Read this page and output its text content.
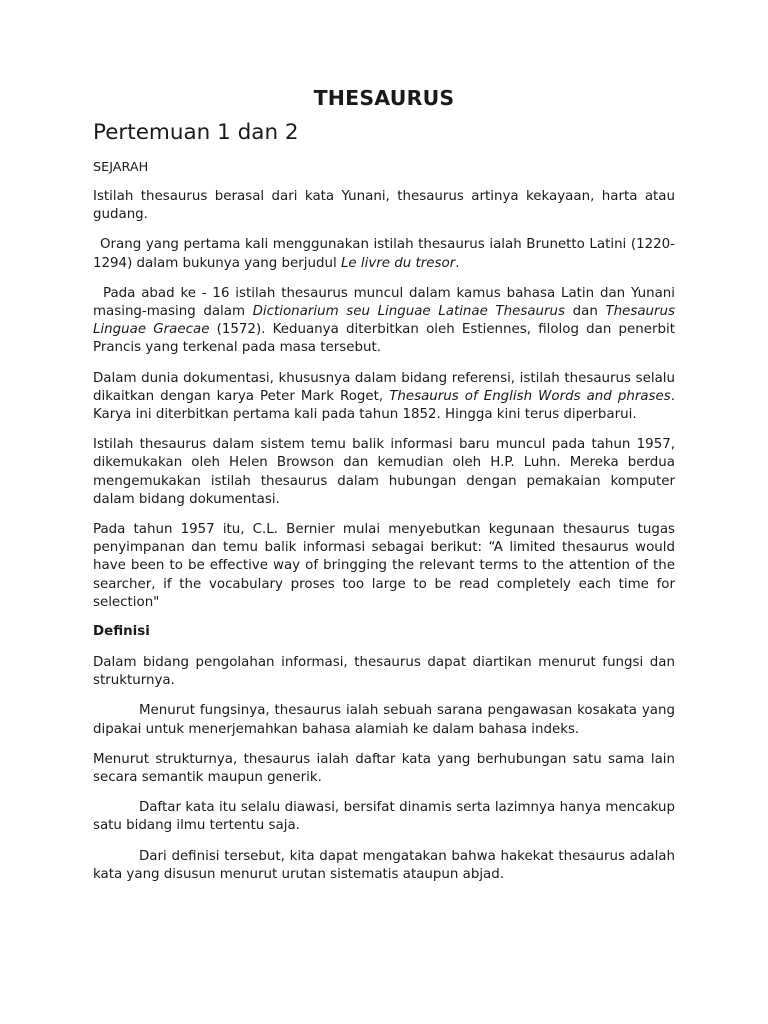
THESAURUS
Pertemuan 1 dan 2
SEJARAH

Istilah thesaurus berasal dari kata Yunani, thesaurus artinya kekayaan, harta atau gudang.

Orang yang pertama kali menggunakan istilah thesaurus ialah Brunetto Latini (1220-1294) dalam bukunya yang berjudul Le livre du tresor.

Pada abad ke - 16 istilah thesaurus muncul dalam kamus bahasa Latin dan Yunani masing-masing dalam Dictionarium seu Linguae Latinae Thesaurus dan Thesaurus Linguae Graecae (1572). Keduanya diterbitkan oleh Estiennes, filolog dan penerbit Prancis yang terkenal pada masa tersebut.

Dalam dunia dokumentasi, khususnya dalam bidang referensi, istilah thesaurus selalu dikaitkan dengan karya Peter Mark Roget, Thesaurus of English Words and phrases. Karya ini diterbitkan pertama kali pada tahun 1852. Hingga kini terus diperbarui.

Istilah thesaurus dalam sistem temu balik informasi baru muncul pada tahun 1957, dikemukakan oleh Helen Browson dan kemudian oleh H.P. Luhn. Mereka berdua mengemukakan istilah thesaurus dalam hubungan dengan pemakaian komputer dalam bidang dokumentasi.

Pada tahun 1957 itu, C.L. Bernier mulai menyebutkan kegunaan thesaurus tugas penyimpanan dan temu balik informasi sebagai berikut: “A limited thesaurus would have been to be effective way of bringging the relevant terms to the attention of the searcher, if the vocabulary proses too large to be read completely each time for selection"

Definisi

Dalam bidang pengolahan informasi, thesaurus dapat diartikan menurut fungsi dan strukturnya.

Menurut fungsinya, thesaurus ialah sebuah sarana pengawasan kosakata yang dipakai untuk menerjemahkan bahasa alamiah ke dalam bahasa indeks.

Menurut strukturnya, thesaurus ialah daftar kata yang berhubungan satu sama lain secara semantik maupun generik.

Daftar kata itu selalu diawasi, bersifat dinamis serta lazimnya hanya mencakup satu bidang ilmu tertentu saja.

Dari definisi tersebut, kita dapat mengatakan bahwa hakekat thesaurus adalah kata yang disusun menurut urutan sistematis ataupun abjad.
